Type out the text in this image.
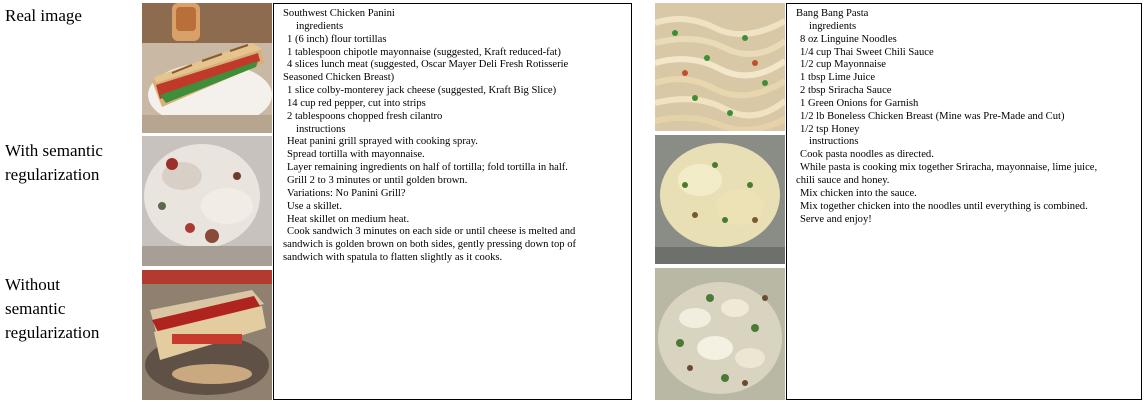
Real image
With semantic
regularization
Without
semantic
regularization
Southwest Chicken Panini
ingredients
1 (6 inch) flour tortillas
1 tablespoon chipotle mayonnaise (suggested, Kraft reduced-fat)
4 slices lunch meat (suggested, Oscar Mayer Deli Fresh Rotisserie
Seasoned Chicken Breast)
1 slice colby-monterey jack cheese (suggested, Kraft Big Slice)
14 cup red pepper, cut into strips
2 tablespoons chopped fresh cilantro
instructions
Heat panini grill sprayed with cooking spray.
Spread tortilla with mayonnaise.
Layer remaining ingredients on half of tortilla; fold tortilla in half.
Grill 2 to 3 minutes or until golden brown.
Variations: No Panini Grill?
Use a skillet.
Heat skillet on medium heat.
Cook sandwich 3 minutes on each side or until cheese is melted and
sandwich is golden brown on both sides, gently pressing down top of
sandwich with spatula to flatten slightly as it cooks.
Bang Bang Pasta
ingredients
8 oz Linguine Noodles
1/4 cup Thai Sweet Chili Sauce
1/2 cup Mayonnaise
1 tbsp Lime Juice
2 tbsp Sriracha Sauce
1 Green Onions for Garnish
1/2 lb Boneless Chicken Breast (Mine was Pre-Made and Cut)
1/2 tsp Honey
instructions
Cook pasta noodles as directed.
While pasta is cooking mix together Sriracha, mayonnaise, lime juice,
chili sauce and honey.
Mix chicken into the sauce.
Mix together chicken into the noodles until everything is combined.
Serve and enjoy!
